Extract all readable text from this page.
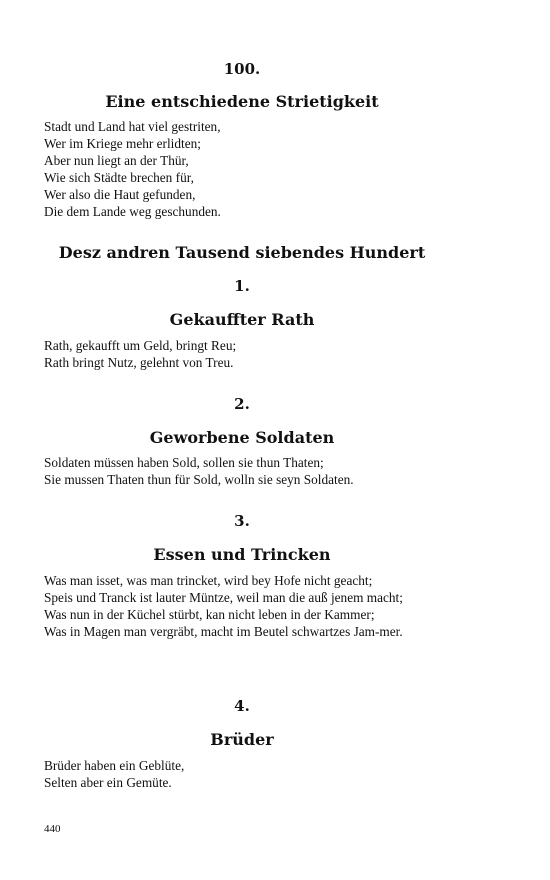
100.
Eine entschiedene Strietigkeit
Stadt und Land hat viel gestriten,
Wer im Kriege mehr erlidten;
Aber nun liegt an der Thür,
Wie sich Städte brechen für,
Wer also die Haut gefunden,
Die dem Lande weg geschunden.
Desz andren Tausend siebendes Hundert
1.
Gekauffter Rath
Rath, gekaufft um Geld, bringt Reu;
Rath bringt Nutz, gelehnt von Treu.
2.
Geworbene Soldaten
Soldaten müssen haben Sold, sollen sie thun Thaten;
Sie mussen Thaten thun für Sold, wolln sie seyn Soldaten.
3.
Essen und Trincken
Was man isset, was man trincket, wird bey Hofe nicht geacht;
Speis und Tranck ist lauter Müntze, weil man die auß jenem macht;
Was nun in der Küchel stürbt, kan nicht leben in der Kammer;
Was in Magen man vergräbt, macht im Beutel schwartzes Jam-mer.
4.
Brüder
Brüder haben ein Geblüte,
Selten aber ein Gemüte.
440
